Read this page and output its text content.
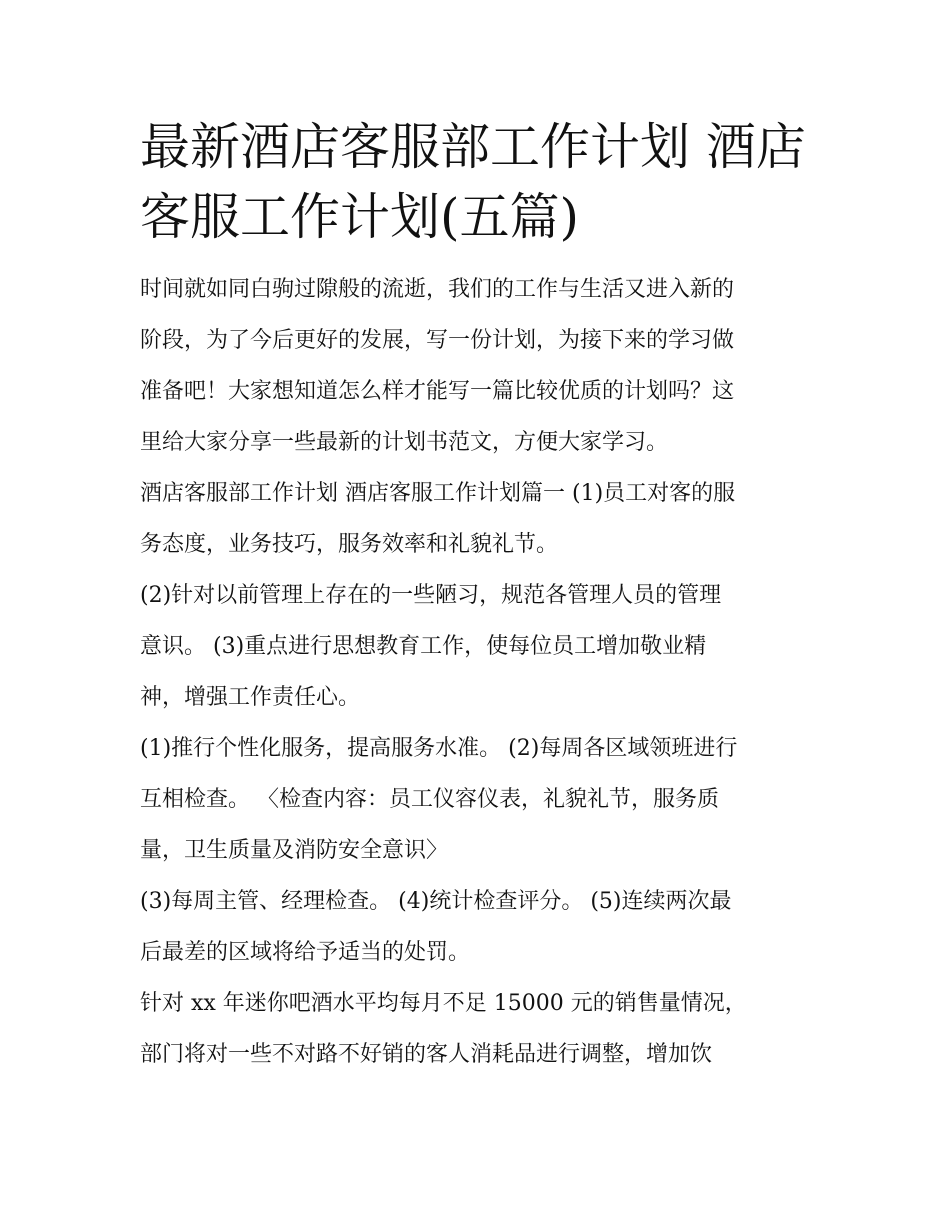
最新酒店客服部工作计划 酒店
客服工作计划(五篇)

时间就如同白驹过隙般的流逝，我们的工作与生活又进入新的
阶段，为了今后更好的发展，写一份计划，为接下来的学习做
准备吧！大家想知道怎么样才能写一篇比较优质的计划吗？这
里给大家分享一些最新的计划书范文，方便大家学习。

酒店客服部工作计划 酒店客服工作计划篇一 (1)员工对客的服
务态度，业务技巧，服务效率和礼貌礼节。

(2)针对以前管理上存在的一些陋习，规范各管理人员的管理
意识。 (3)重点进行思想教育工作，使每位员工增加敬业精
神，增强工作责任心。

(1)推行个性化服务，提高服务水准。 (2)每周各区域领班进行
互相检查。 〈检查内容：员工仪容仪表，礼貌礼节，服务质
量，卫生质量及消防安全意识〉

(3)每周主管、经理检查。 (4)统计检查评分。 (5)连续两次最
后最差的区域将给予适当的处罚。

针对 xx 年迷你吧酒水平均每月不足 15000 元的销售量情况，
部门将对一些不对路不好销的客人消耗品进行调整，增加饮
